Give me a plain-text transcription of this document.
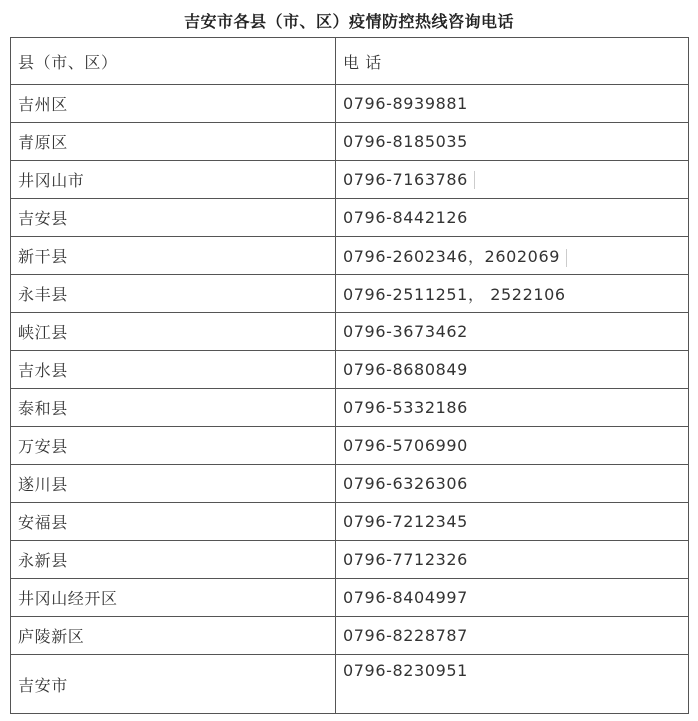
吉安市各县（市、区）疫情防控热线咨询电话
县（市、区）	电 话
吉州区	0796-8939881
青原区	0796-8185035
井冈山市	0796-7163786
吉安县	0796-8442126
新干县	0796-2602346，2602069
永丰县	0796-2511251， 2522106
峡江县	0796-3673462
吉水县	0796-8680849
泰和县	0796-5332186
万安县	0796-5706990
遂川县	0796-6326306
安福县	0796-7212345
永新县	0796-7712326
井冈山经开区	0796-8404997
庐陵新区	0796-8228787
吉安市	0796-8230951
